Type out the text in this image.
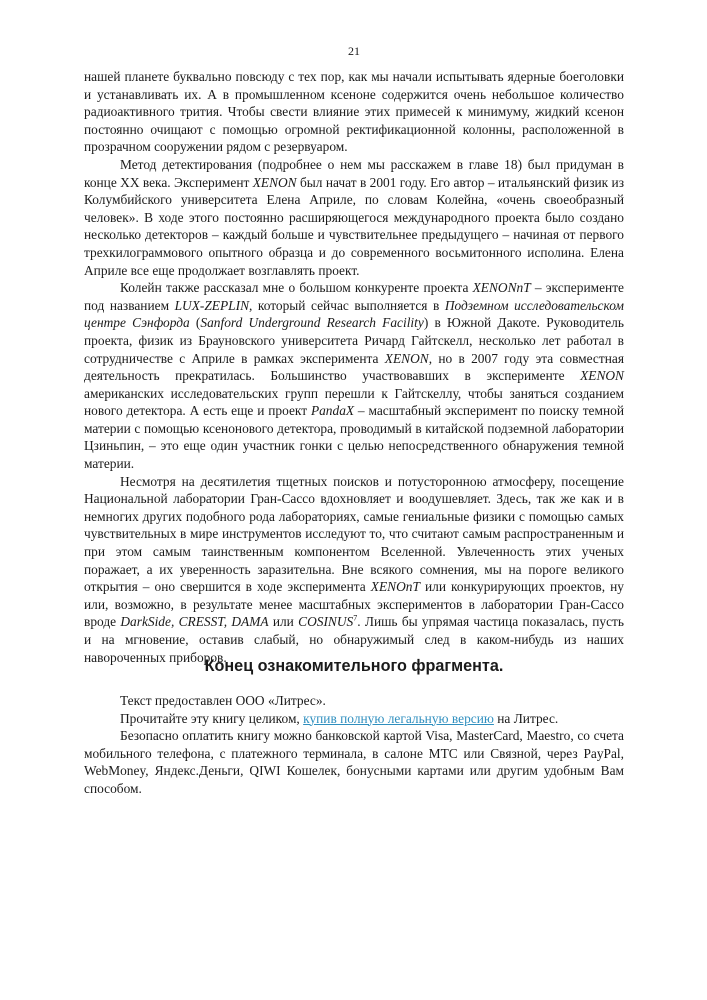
21

нашей планете буквально повсюду с тех пор, как мы начали испытывать ядерные боеголовки и устанавливать их. А в промышленном ксеноне содержится очень небольшое количество радиоактивного трития. Чтобы свести влияние этих примесей к минимуму, жидкий ксенон постоянно очищают с помощью огромной ректификационной колонны, расположенной в прозрачном сооружении рядом с резервуаром.

Метод детектирования (подробнее о нем мы расскажем в главе 18) был придуман в конце XX века. Эксперимент XENON был начат в 2001 году. Его автор – итальянский физик из Колумбийского университета Елена Априле, по словам Колейна, «очень своеобразный человек». В ходе этого постоянно расширяющегося международного проекта было создано несколько детекторов – каждый больше и чувствительнее предыдущего – начиная от первого трехкилограммового опытного образца и до современного восьмитонного исполина. Елена Априле все еще продолжает возглавлять проект.

Колейн также рассказал мне о большом конкуренте проекта XENONnT – эксперименте под названием LUX-ZEPLIN, который сейчас выполняется в Подземном исследовательском центре Сэнфорда (Sanford Underground Research Facility) в Южной Дакоте. Руководитель проекта, физик из Брауновского университета Ричард Гайтскелл, несколько лет работал в сотрудничестве с Априле в рамках эксперимента XENON, но в 2007 году эта совместная деятельность прекратилась. Большинство участвовавших в эксперименте XENON американских исследовательских групп перешли к Гайтскеллу, чтобы заняться созданием нового детектора. А есть еще и проект PandaX – масштабный эксперимент по поиску темной материи с помощью ксенонового детектора, проводимый в китайской подземной лаборатории Цзиньпин, – это еще один участник гонки с целью непосредственного обнаружения темной материи.

Несмотря на десятилетия тщетных поисков и потусторонною атмосферу, посещение Национальной лаборатории Гран-Сассо вдохновляет и воодушевляет. Здесь, так же как и в немногих других подобного рода лабораториях, самые гениальные физики с помощью самых чувствительных в мире инструментов исследуют то, что считают самым распространенным и при этом самым таинственным компонентом Вселенной. Увлеченность этих ученых поражает, а их уверенность заразительна. Вне всякого сомнения, мы на пороге великого открытия – оно свершится в ходе эксперимента XENOnT или конкурирующих проектов, ну или, возможно, в результате менее масштабных экспериментов в лаборатории Гран-Сассо вроде DarkSide, CRESST, DAMA или COSINUS$^7$. Лишь бы упрямая частица показалась, пусть и на мгновение, оставив слабый, но обнаружимый след в каком-нибудь из наших навороченных приборов.

Конец ознакомительного фрагмента.

Текст предоставлен ООО «Литрес».

Прочитайте эту книгу целиком, купив полную легальную версию на Литрес.

Безопасно оплатить книгу можно банковской картой Visa, MasterCard, Maestro, со счета мобильного телефона, с платежного терминала, в салоне МТС или Связной, через PayPal, WebMoney, Яндекс.Деньги, QIWI Кошелек, бонусными картами или другим удобным Вам способом.
